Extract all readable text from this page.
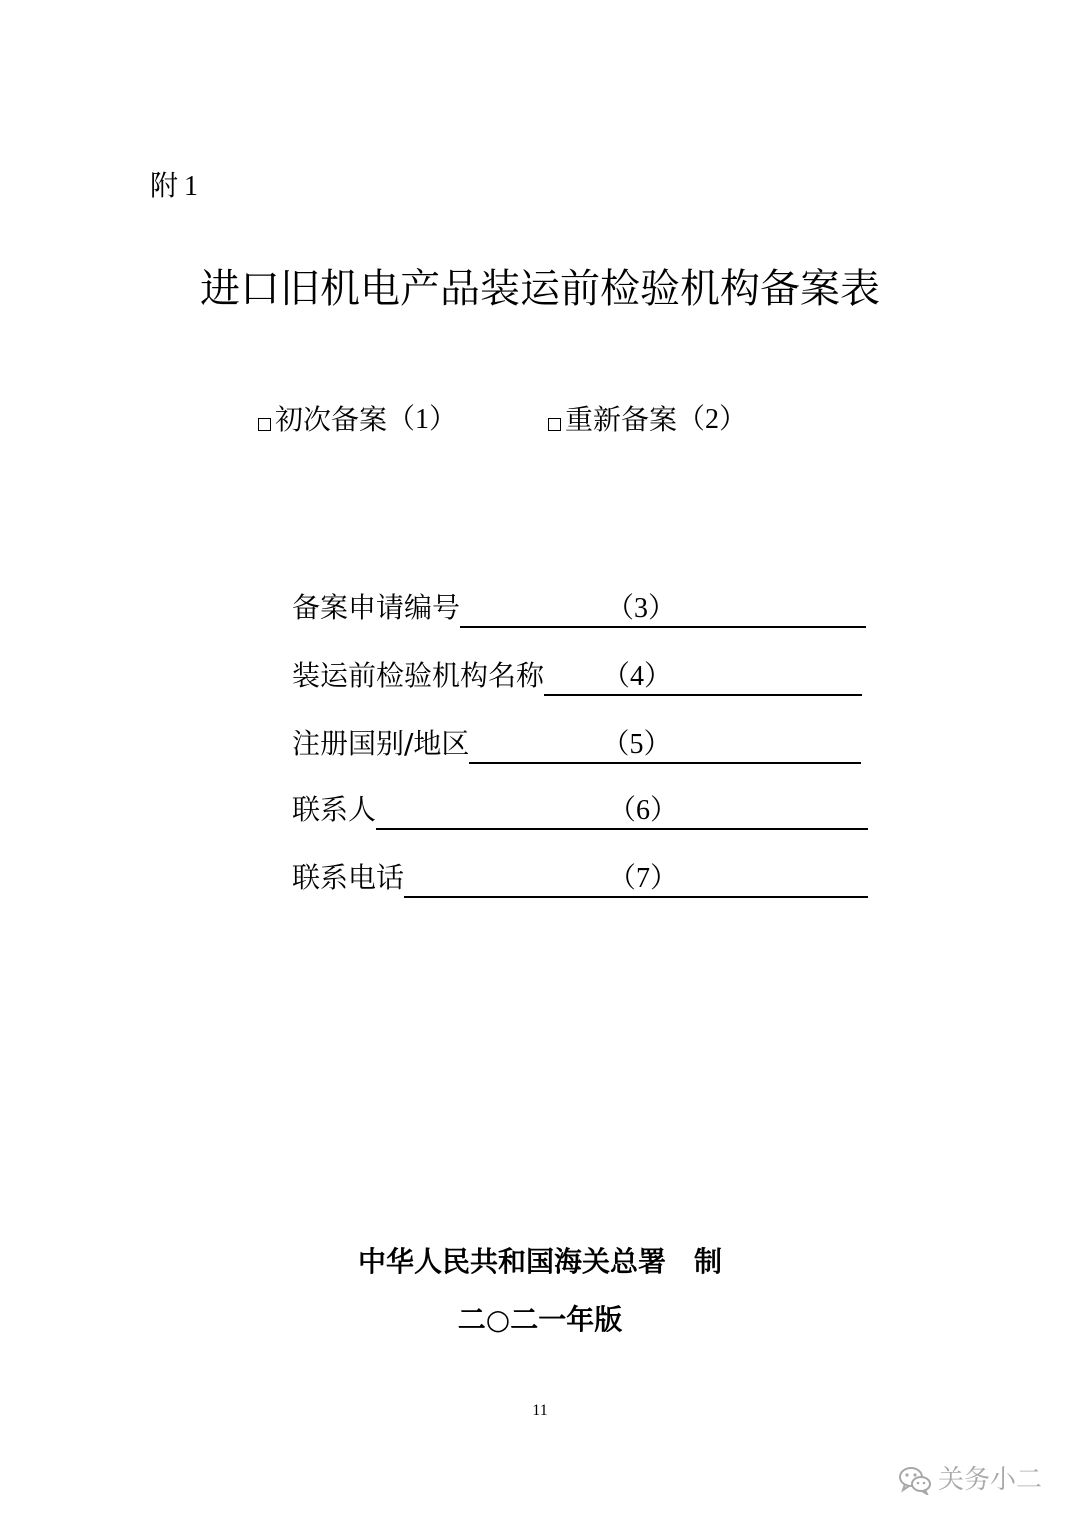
附 1
进口旧机电产品装运前检验机构备案表
初次备案 （1）	重新备案 （2）
备案申请编号	（3）
装运前检验机构名称 （4）
注册国别/地区	（5）
联系人	（6）
联系电话	（7）
中华人民共和国海关总署　制
二○二一年版
11
关务小二
